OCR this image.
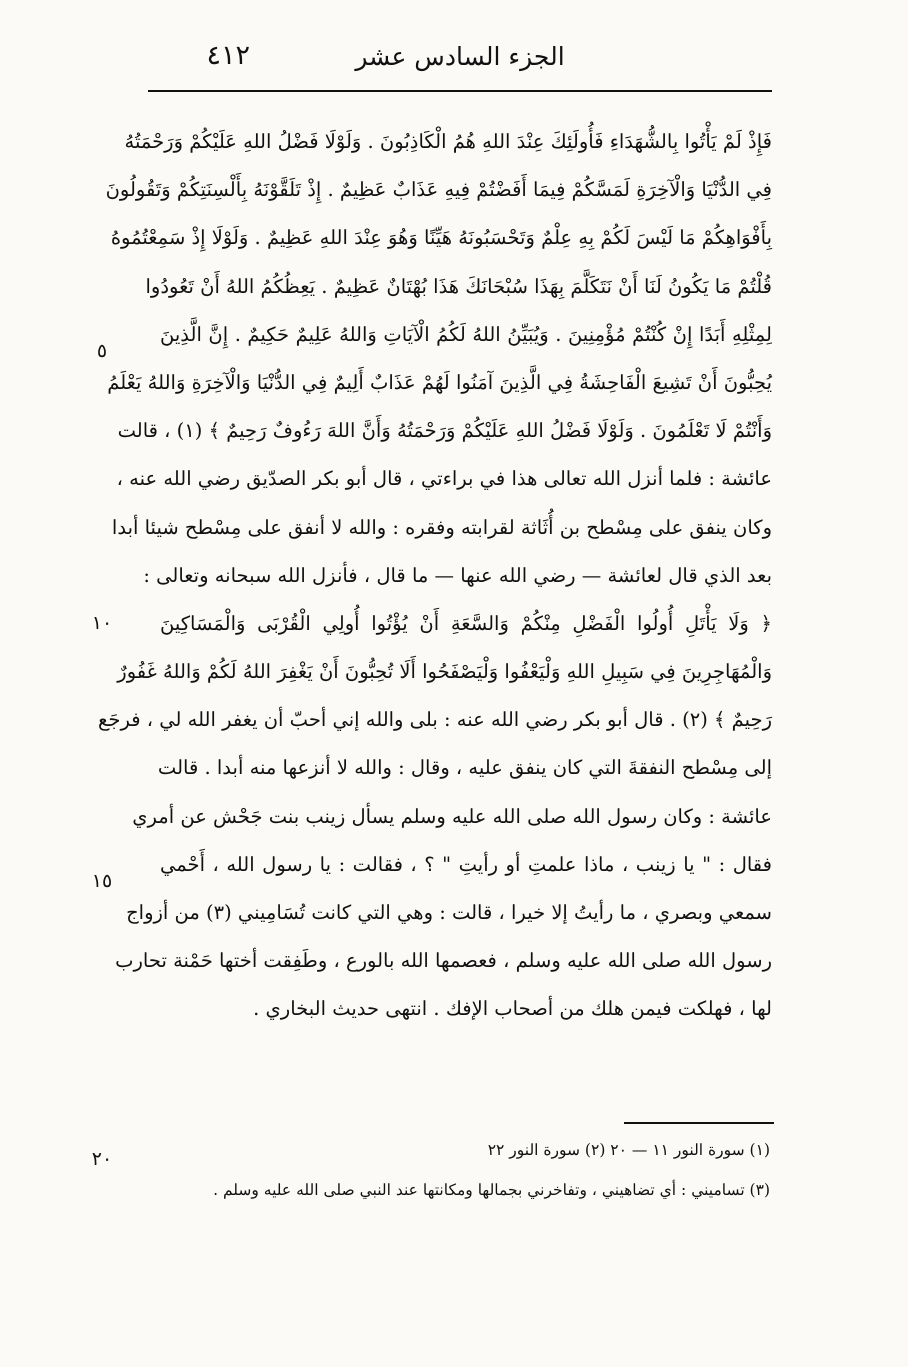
٤١٢	الجزء السادس عشر
فَإِذْ لَمْ يَأْتُوا بِالشُّهَدَاءِ فَأُولَئِكَ عِنْدَ اللهِ هُمُ الْكَاذِبُونَ . وَلَوْلَا فَضْلُ اللهِ عَلَيْكُمْ وَرَحْمَتُهُ
فِي الدُّنْيَا وَالْآخِرَةِ لَمَسَّكُمْ فِيمَا أَفَضْتُمْ فِيهِ عَذَابٌ عَظِيمٌ . إِذْ تَلَقَّوْنَهُ بِأَلْسِنَتِكُمْ وَتَقُولُونَ
بِأَفْوَاهِكُمْ مَا لَيْسَ لَكُمْ بِهِ عِلْمٌ وَتَحْسَبُونَهُ هَيِّنًا وَهُوَ عِنْدَ اللهِ عَظِيمٌ . وَلَوْلَا إِذْ سَمِعْتُمُوهُ
قُلْتُمْ مَا يَكُونُ لَنَا أَنْ نَتَكَلَّمَ بِهَذَا سُبْحَانَكَ هَذَا بُهْتَانٌ عَظِيمٌ . يَعِظُكُمُ اللهُ أَنْ تَعُودُوا
لِمِثْلِهِ أَبَدًا إِنْ كُنْتُمْ مُؤْمِنِينَ . وَيُبَيِّنُ اللهُ لَكُمُ الْآيَاتِ وَاللهُ عَلِيمٌ حَكِيمٌ . إِنَّ الَّذِينَ
يُحِبُّونَ أَنْ تَشِيعَ الْفَاحِشَةُ فِي الَّذِينَ آمَنُوا لَهُمْ عَذَابٌ أَلِيمٌ فِي الدُّنْيَا وَالْآخِرَةِ وَاللهُ يَعْلَمُ
وَأَنْتُمْ لَا تَعْلَمُونَ . وَلَوْلَا فَضْلُ اللهِ عَلَيْكُمْ وَرَحْمَتُهُ وَأَنَّ اللهَ رَءُوفٌ رَحِيمٌ ﴾ (١) ، قالت
عائشة : فلما أنزل الله تعالى هذا في براءتي ، قال أبو بكر الصدّيق رضي الله عنه ،
وكان ينفق على مِسْطح بن أُثَاثة لقرابته وفقره : والله لا أنفق على مِسْطح شيئا أبدا
بعد الذي قال لعائشة — رضي الله عنها — ما قال ، فأنزل الله سبحانه وتعالى :
﴿ وَلَا يَأْتَلِ أُولُوا الْفَضْلِ مِنْكُمْ وَالسَّعَةِ أَنْ يُؤْتُوا أُولِي الْقُرْبَى وَالْمَسَاكِينَ
وَالْمُهَاجِرِينَ فِي سَبِيلِ اللهِ وَلْيَعْفُوا وَلْيَصْفَحُوا أَلَا تُحِبُّونَ أَنْ يَغْفِرَ اللهُ لَكُمْ وَاللهُ غَفُورٌ
رَحِيمٌ ﴾ (٢) . قال أبو بكر رضي الله عنه : بلى والله إني أحبّ أن يغفر الله لي ، فرجَع
إلى مِسْطح النفقةَ التي كان ينفق عليه ، وقال : والله لا أنزعها منه أبدا . قالت
عائشة : وكان رسول الله صلى الله عليه وسلم يسأل زينب بنت جَحْش عن أمري
فقال : " يا زينب ، ماذا علمتِ أو رأيتِ " ؟ ، فقالت : يا رسول الله ، أَحْمي
سمعي وبصري ، ما رأيتُ إلا خيرا ، قالت : وهي التي كانت تُسَامِيني (٣) من أزواج
رسول الله صلى الله عليه وسلم ، فعصمها الله بالورع ، وطَفِقت أختها حَمْنة تحارب
لها ، فهلكت فيمن هلك من أصحاب الإفك . انتهى حديث البخاري .
٥
١٠
١٥
٢٠	(١) سورة النور ١١ — ٢٠ (٢) سورة النور ٢٢
(٣) تساميني : أي تضاهيني ، وتفاخرني بجمالها ومكانتها عند النبي صلى الله عليه وسلم .
